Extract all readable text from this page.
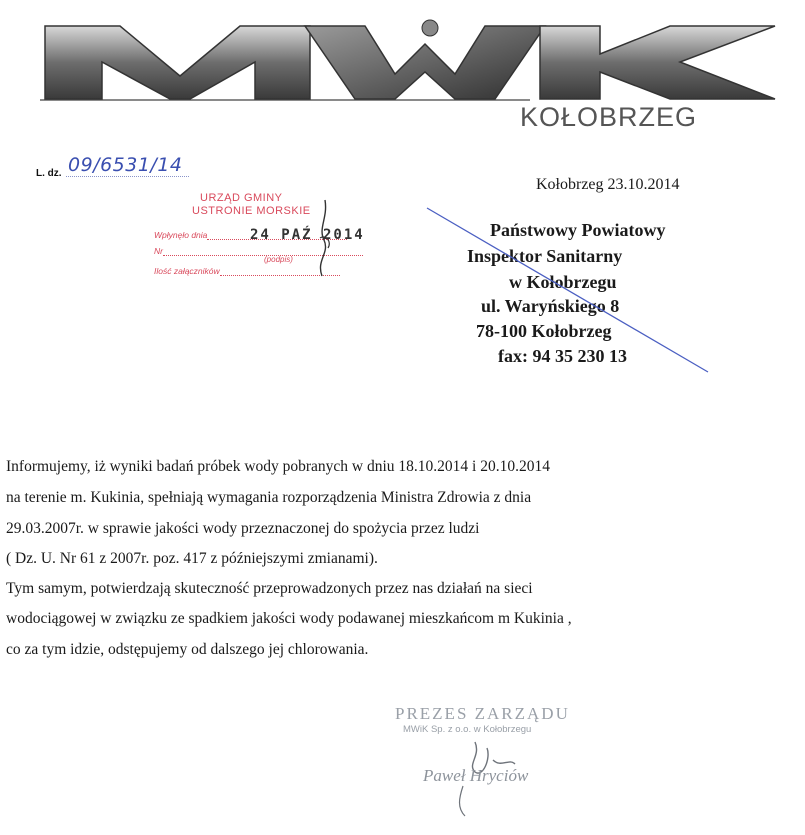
KOŁOBRZEG
L. dz. 09/6531/14
Kołobrzeg 23.10.2014
URZĄD GMINY
USTRONIE MORSKIE
Wpłynęło dnia	24 PAŹ 2014
Nr
(podpis)
Ilość załączników
Państwowy Powiatowy
Inspektor Sanitarny
w Kołobrzegu
ul. Waryńskiego 8
78-100 Kołobrzeg
fax: 94 35 230 13
Informujemy, iż wyniki badań próbek wody pobranych w dniu 18.10.2014 i 20.10.2014
na terenie m. Kukinia, spełniają wymagania rozporządzenia Ministra Zdrowia z dnia
29.03.2007r. w sprawie jakości wody przeznaczonej do spożycia przez ludzi
( Dz. U. Nr 61 z 2007r. poz. 417 z późniejszymi zmianami).
Tym samym, potwierdzają skuteczność przeprowadzonych przez nas działań na sieci
wodociągowej w związku ze spadkiem jakości wody podawanej mieszkańcom m Kukinia ,
co za tym idzie, odstępujemy od dalszego jej chlorowania.
PREZES ZARZĄDU
MWiK Sp. z o.o. w Kołobrzegu
Paweł Hryciów
